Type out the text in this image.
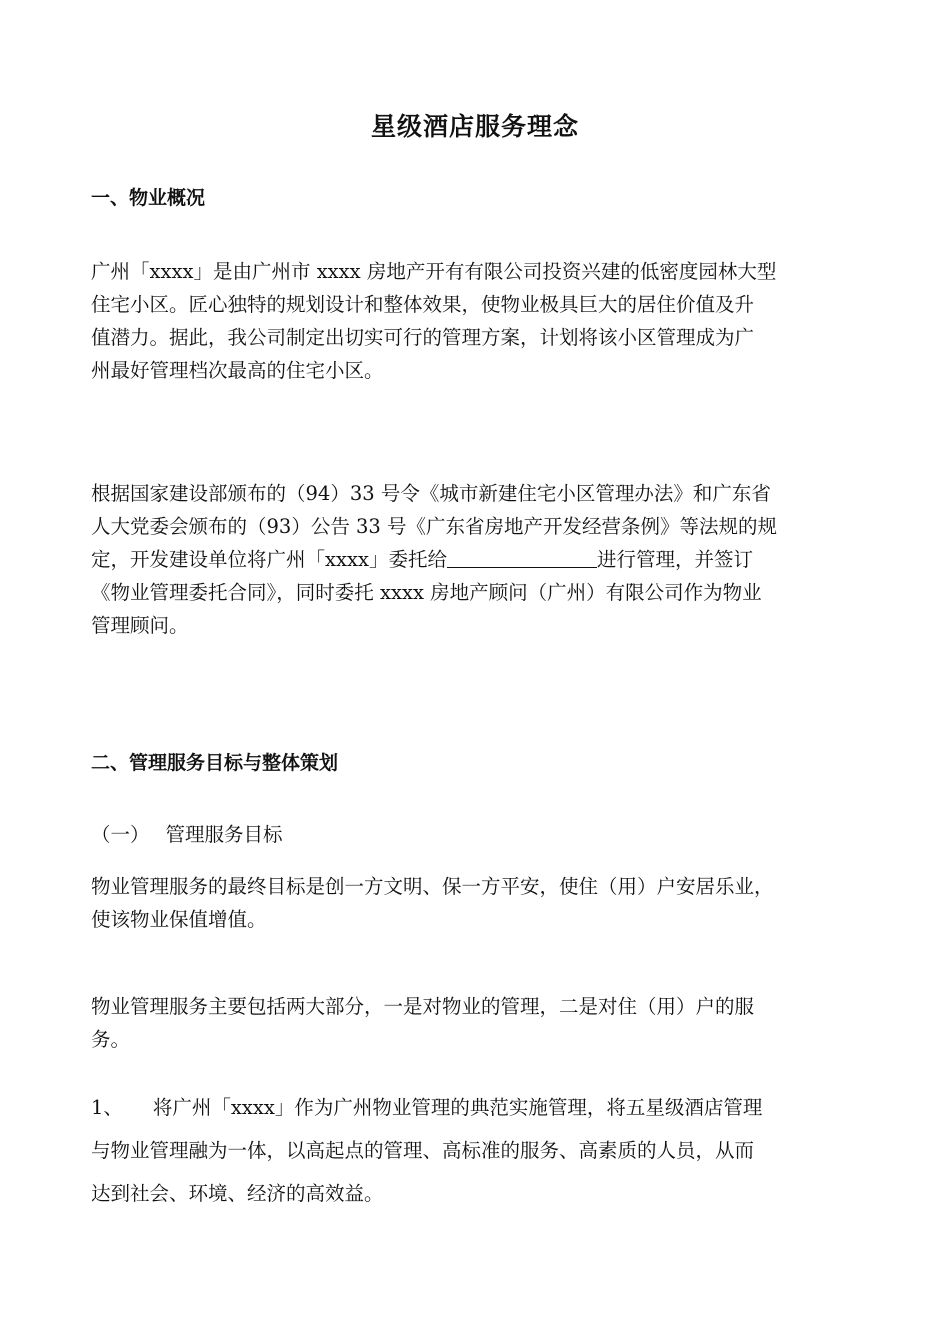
星级酒店服务理念
一、物业概况
广州「xxxx」是由广州市 xxxx 房地产开有有限公司投资兴建的低密度园林大型
住宅小区。匠心独特的规划设计和整体效果，使物业极具巨大的居住价值及升
值潜力。据此，我公司制定出切实可行的管理方案，计划将该小区管理成为广
州最好管理档次最高的住宅小区。
根据国家建设部颁布的（94）33 号令《城市新建住宅小区管理办法》和广东省
人大党委会颁布的（93）公告 33 号《广东省房地产开发经营条例》等法规的规
定，开发建设单位将广州「xxxx」委托给	进行管理，并签订
《物业管理委托合同》，同时委托 xxxx 房地产顾问（广州）有限公司作为物业
管理顾问。
二、管理服务目标与整体策划
（一） 管理服务目标
物业管理服务的最终目标是创一方文明、保一方平安，使住（用）户安居乐业，
使该物业保值增值。
物业管理服务主要包括两大部分，一是对物业的管理，二是对住（用）户的服
务。
1、 将广州「xxxx」作为广州物业管理的典范实施管理，将五星级酒店管理
与物业管理融为一体，以高起点的管理、高标准的服务、高素质的人员，从而
达到社会、环境、经济的高效益。
